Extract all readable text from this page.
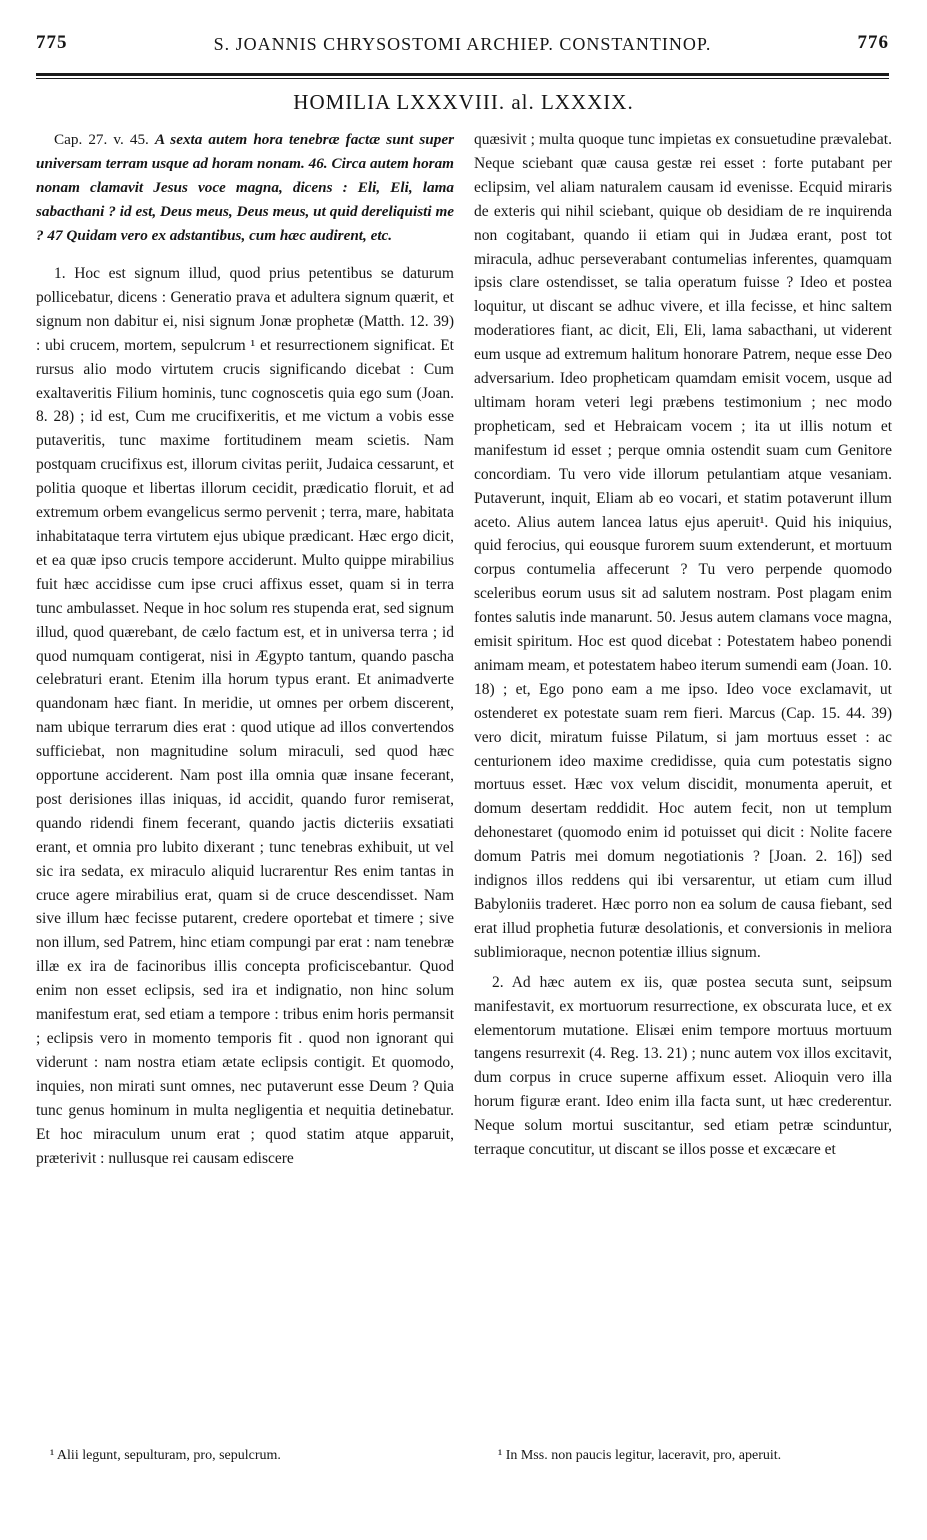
775	S. JOANNIS CHRYSOSTOMI ARCHIEP. CONSTANTINOP.	776
HOMILIA LXXXVIII. al. LXXXIX.

Cap. 27. v. 45. A sexta autem hora tenebræ factæ sunt super universam terram usque ad horam nonam. 46. Circa autem horam nonam clamavit Jesus voce magna, dicens : Eli, Eli, lama sabacthani ? id est, Deus meus, Deus meus, ut quid dereliquisti me ? 47 Quidam vero ex adstantibus, cum hæc audirent, etc.

1. Hoc est signum illud, quod prius petentibus se daturum pollicebatur, dicens : Generatio prava et adultera signum quærit, et signum non dabitur ei, nisi signum Jonæ prophetæ (Matth. 12. 39) : ubi crucem, mortem, sepulcrum ¹ et resurrectionem significat. Et rursus alio modo virtutem crucis significando dicebat : Cum exaltaveritis Filium hominis, tunc cognoscetis quia ego sum (Joan. 8. 28) ; id est, Cum me crucifixeritis, et me victum a vobis esse putaveritis, tunc maxime fortitudinem meam scietis. Nam postquam crucifixus est, illorum civitas periit, Judaica cessarunt, et politia quoque et libertas illorum cecidit, prædicatio floruit, et ad extremum orbem evangelicus sermo pervenit ; terra, mare, habitata inhabitataque terra virtutem ejus ubique prædicant. Hæc ergo dicit, et ea quæ ipso crucis tempore acciderunt. Multo quippe mirabilius fuit hæc accidisse cum ipse cruci affixus esset, quam si in terra tunc ambulasset. Neque in hoc solum res stupenda erat, sed signum illud, quod quærebant, de cælo factum est, et in universa terra ; id quod numquam contigerat, nisi in Ægypto tantum, quando pascha celebraturi erant. Etenim illa horum typus erant. Et animadverte quandonam hæc fiant. In meridie, ut omnes per orbem discerent, nam ubique terrarum dies erat : quod utique ad illos convertendos sufficiebat, non magnitudine solum miraculi, sed quod hæc opportune acciderent. Nam post illa omnia quæ insane fecerant, post derisiones illas iniquas, id accidit, quando furor remiserat, quando ridendi finem fecerant, quando jactis dicteriis exsatiati erant, et omnia pro lubito dixerant ; tunc tenebras exhibuit, ut vel sic ira sedata, ex miraculo aliquid lucrarentur Res enim tantas in cruce agere mirabilius erat, quam si de cruce descendisset. Nam sive illum hæc fecisse putarent, credere oportebat et timere ; sive non illum, sed Patrem, hinc etiam compungi par erat : nam tenebræ illæ ex ira de facinoribus illis concepta proficiscebantur. Quod enim non esset eclipsis, sed ira et indignatio, non hinc solum manifestum erat, sed etiam a tempore : tribus enim horis permansit ; eclipsis vero in momento temporis fit . quod non ignorant qui viderunt : nam nostra etiam ætate eclipsis contigit. Et quomodo, inquies, non mirati sunt omnes, nec putaverunt esse Deum ? Quia tunc genus hominum in multa negligentia et nequitia detinebatur. Et hoc miraculum unum erat ; quod statim atque apparuit, præterivit : nullusque rei causam ediscere

quæsivit ; multa quoque tunc impietas ex consuetudine prævalebat. Neque sciebant quæ causa gestæ rei esset : forte putabant per eclipsim, vel aliam naturalem causam id evenisse. Ecquid miraris de exteris qui nihil sciebant, quique ob desidiam de re inquirenda non cogitabant, quando ii etiam qui in Judæa erant, post tot miracula, adhuc perseverabant contumelias inferentes, quamquam ipsis clare ostendisset, se talia operatum fuisse ? Ideo et postea loquitur, ut discant se adhuc vivere, et illa fecisse, et hinc saltem moderatiores fiant, ac dicit, Eli, Eli, lama sabacthani, ut viderent eum usque ad extremum halitum honorare Patrem, neque esse Deo adversarium. Ideo propheticam quamdam emisit vocem, usque ad ultimam horam veteri legi præbens testimonium ; nec modo propheticam, sed et Hebraicam vocem ; ita ut illis notum et manifestum id esset ; perque omnia ostendit suam cum Genitore concordiam. Tu vero vide illorum petulantiam atque vesaniam. Putaverunt, inquit, Eliam ab eo vocari, et statim potaverunt illum aceto. Alius autem lancea latus ejus aperuit¹. Quid his iniquius, quid ferocius, qui eousque furorem suum extenderunt, et mortuum corpus contumelia affecerunt ? Tu vero perpende quomodo sceleribus eorum usus sit ad salutem nostram. Post plagam enim fontes salutis inde manarunt. 50. Jesus autem clamans voce magna, emisit spiritum. Hoc est quod dicebat : Potestatem habeo ponendi animam meam, et potestatem habeo iterum sumendi eam (Joan. 10. 18) ; et, Ego pono eam a me ipso. Ideo voce exclamavit, ut ostenderet ex potestate suam rem fieri. Marcus (Cap. 15. 44. 39) vero dicit, miratum fuisse Pilatum, si jam mortuus esset : ac centurionem ideo maxime credidisse, quia cum potestatis signo mortuus esset. Hæc vox velum discidit, monumenta aperuit, et domum desertam reddidit. Hoc autem fecit, non ut templum dehonestaret (quomodo enim id potuisset qui dicit : Nolite facere domum Patris mei domum negotiationis ? [Joan. 2. 16]) sed indignos illos reddens qui ibi versarentur, ut etiam cum illud Babyloniis traderet. Hæc porro non ea solum de causa fiebant, sed erat illud prophetia futuræ desolationis, et conversionis in meliora sublimioraque, necnon potentiæ illius signum.

2. Ad hæc autem ex iis, quæ postea secuta sunt, seipsum manifestavit, ex mortuorum resurrectione, ex obscurata luce, et ex elementorum mutatione. Elisæi enim tempore mortuus mortuum tangens resurrexit (4. Reg. 13. 21) ; nunc autem vox illos excitavit, dum corpus in cruce superne affixum esset. Alioquin vero illa horum figuræ erant. Ideo enim illa facta sunt, ut hæc crederentur. Neque solum mortui suscitantur, sed etiam petræ scinduntur, terraque concutitur, ut discant se illos posse et excæcare et

¹ Alii legunt, sepulturam, pro, sepulcrum.	¹ In Mss. non paucis legitur, laceravit, pro, aperuit.
